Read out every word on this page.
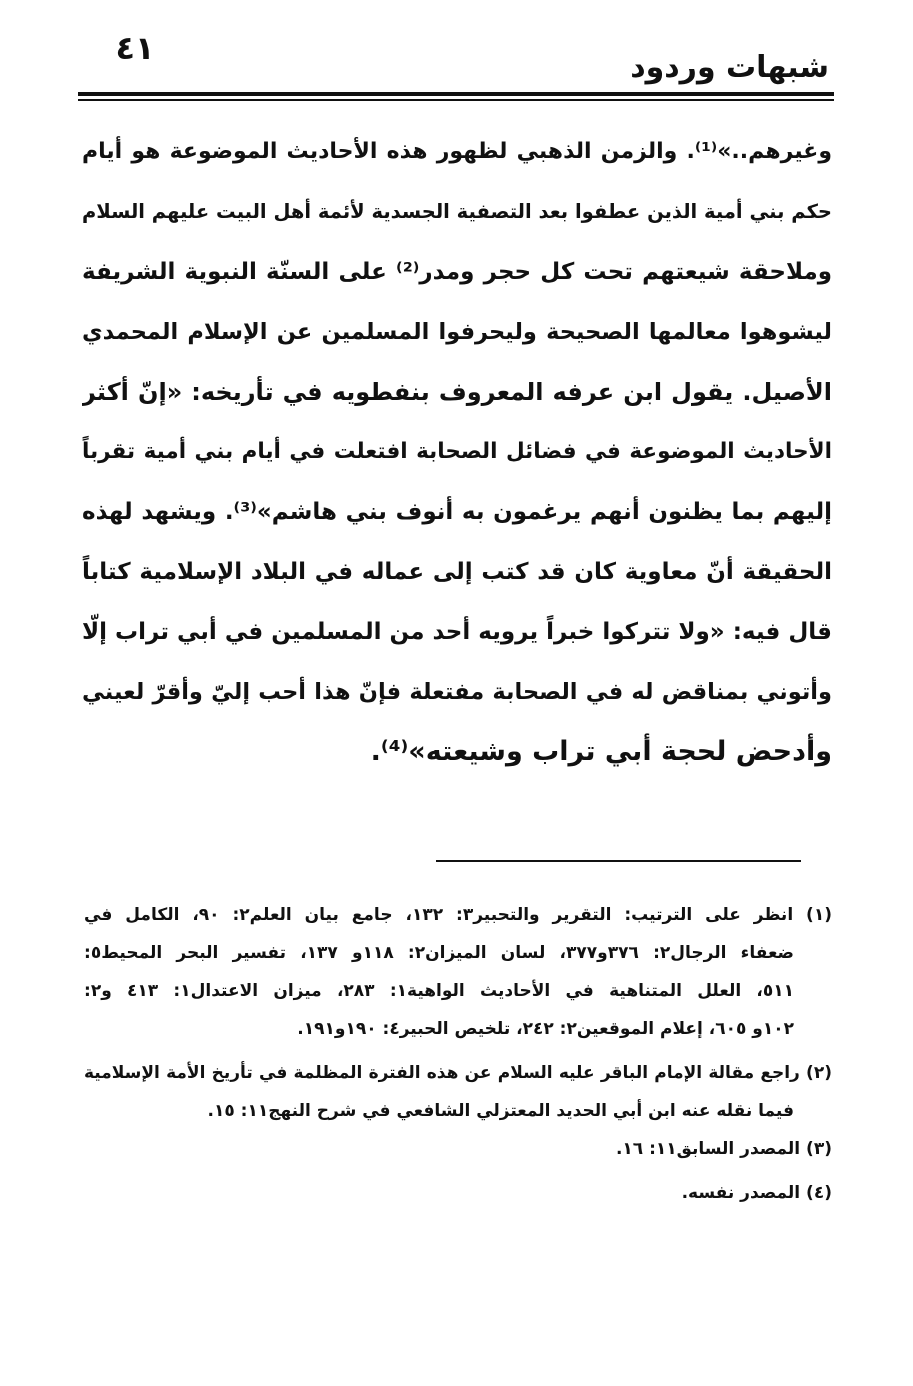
٤١
شبهات وردود
وغيرهم..»⁽¹⁾. والزمن الذهبي لظهور هذه الأحاديث الموضوعة هو أيام
حكم بني أمية الذين عطفوا بعد التصفية الجسدية لأئمة أهل البيت عليهم السلام
وملاحقة شيعتهم تحت كل حجر ومدر⁽²⁾ على السنّة النبوية الشريفة
ليشوهوا معالمها الصحيحة وليحرفوا المسلمين عن الإسلام المحمدي
الأصيل. يقول ابن عرفه المعروف بنفطويه في تأريخه: «إنّ أكثر
الأحاديث الموضوعة في فضائل الصحابة افتعلت في أيام بني أمية تقرباً
إليهم بما يظنون أنهم يرغمون به أنوف بني هاشم»⁽³⁾. ويشهد لهذه
الحقيقة أنّ معاوية كان قد كتب إلى عماله في البلاد الإسلامية كتاباً
قال فيه: «ولا تتركوا خبراً يرويه أحد من المسلمين في أبي تراب إلّا
وأتوني بمناقض له في الصحابة مفتعلة فإنّ هذا أحب إليّ وأقرّ لعيني
وأدحض لحجة أبي تراب وشيعته»⁽⁴⁾.
(١) انظر على الترتيب: التقرير والتحبير٣: ١٣٢، جامع بيان العلم٢: ٩٠، الكامل في
ضعفاء الرجال٢: ٣٧٦و٣٧٧، لسان الميزان٢: ١١٨و ١٣٧، تفسير البحر المحيط٥:
٥١١، العلل المتناهية في الأحاديث الواهية١: ٢٨٣، ميزان الاعتدال١: ٤١٣ و٢:
١٠٢و ٦٠٥، إعلام الموقعين٢: ٢٤٢، تلخيص الحبير٤: ١٩٠و١٩١.
(٢) راجع مقالة الإمام الباقر عليه السلام عن هذه الفترة المظلمة في تأريخ الأمة الإسلامية
فيما نقله عنه ابن أبي الحديد المعتزلي الشافعي في شرح النهج١١: ١٥.
(٣) المصدر السابق١١: ١٦.
(٤) المصدر نفسه.
